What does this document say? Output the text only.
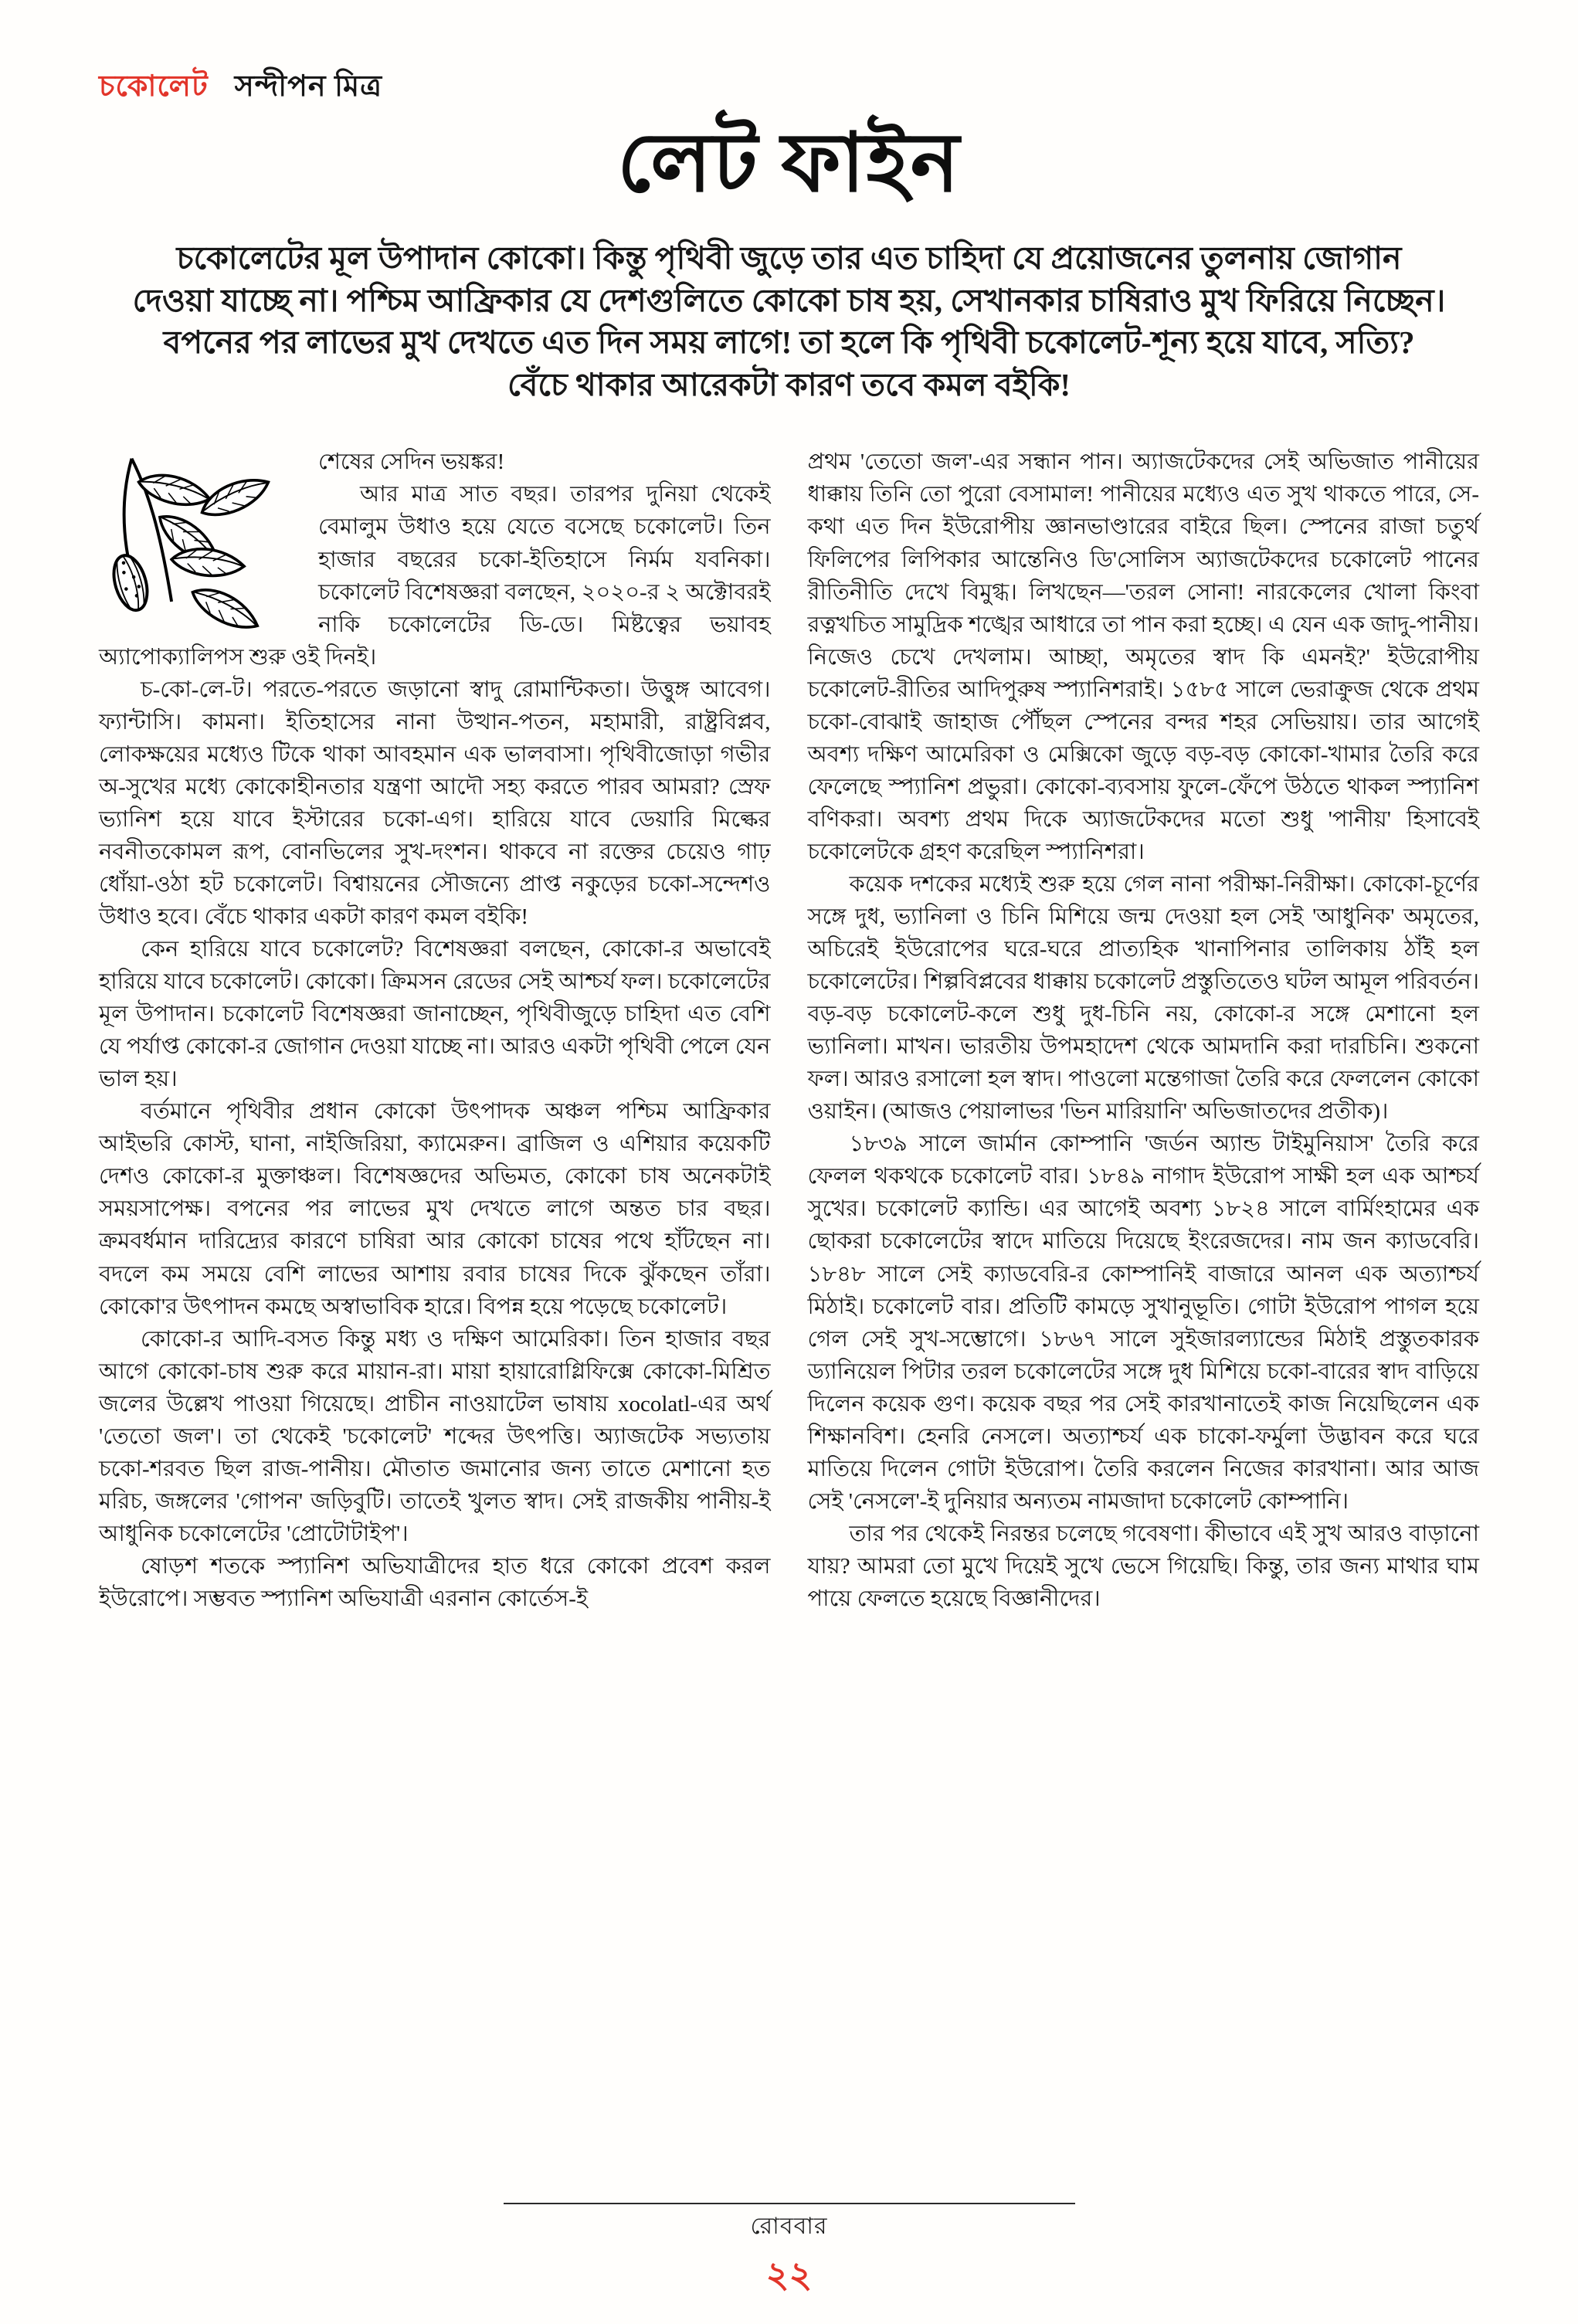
চকোলেট সন্দীপন মিত্র
লেট ফাইন

চকোলেটের মূল উপাদান কোকো। কিন্তু পৃথিবী জুড়ে তার এত চাহিদা যে প্রয়োজনের তুলনায় জোগান দেওয়া যাচ্ছে না। পশ্চিম আফ্রিকার যে দেশগুলিতে কোকো চাষ হয়, সেখানকার চাষিরাও মুখ ফিরিয়ে নিচ্ছেন। বপনের পর লাভের মুখ দেখতে এত দিন সময় লাগে! তা হলে কি পৃথিবী চকোলেট-শূন্য হয়ে যাবে, সত্যি? বেঁচে থাকার আরেকটা কারণ তবে কমল বইকি!

শেষের সেদিন ভয়ঙ্কর!

আর মাত্র সাত বছর। তারপর দুনিয়া থেকেই বেমালুম উধাও হয়ে যেতে বসেছে চকোলেট। তিন হাজার বছরের চকো-ইতিহাসে নির্মম যবনিকা। চকোলেট বিশেষজ্ঞরা বলছেন, ২০২০-র ২ অক্টোবরই নাকি চকোলেটের ডি-ডে। মিষ্টত্বের ভয়াবহ অ্যাপোক্যালিপস শুরু ওই দিনই।

চ-কো-লে-ট। পরতে-পরতে জড়ানো স্বাদু রোমান্টিকতা। উত্তুঙ্গ আবেগ। ফ্যান্টাসি। কামনা। ইতিহাসের নানা উত্থান-পতন, মহামারী, রাষ্ট্রবিপ্লব, লোকক্ষয়ের মধ্যেও টিকে থাকা আবহমান এক ভালবাসা। পৃথিবীজোড়া গভীর অ-সুখের মধ্যে কোকোহীনতার যন্ত্রণা আদৌ সহ্য করতে পারব আমরা? স্রেফ ভ্যানিশ হয়ে যাবে ইস্টারের চকো-এগ। হারিয়ে যাবে ডেয়ারি মিল্কের নবনীতকোমল রূপ, বোনভিলের সুখ-দংশন। থাকবে না রক্তের চেয়েও গাঢ় ধোঁয়া-ওঠা হট চকোলেট। বিশ্বায়নের সৌজন্যে প্রাপ্ত নকুড়ের চকো-সন্দেশও উধাও হবে। বেঁচে থাকার একটা কারণ কমল বইকি!

কেন হারিয়ে যাবে চকোলেট? বিশেষজ্ঞরা বলছেন, কোকো-র অভাবেই হারিয়ে যাবে চকোলেট। কোকো। ক্রিমসন রেডের সেই আশ্চর্য ফল। চকোলেটের মূল উপাদান। চকোলেট বিশেষজ্ঞরা জানাচ্ছেন, পৃথিবীজুড়ে চাহিদা এত বেশি যে পর্যাপ্ত কোকো-র জোগান দেওয়া যাচ্ছে না। আরও একটা পৃথিবী পেলে যেন ভাল হয়।

বর্তমানে পৃথিবীর প্রধান কোকো উৎপাদক অঞ্চল পশ্চিম আফ্রিকার আইভরি কোস্ট, ঘানা, নাইজিরিয়া, ক্যামেরুন। ব্রাজিল ও এশিয়ার কয়েকটি দেশও কোকো-র মুক্তাঞ্চল। বিশেষজ্ঞদের অভিমত, কোকো চাষ অনেকটাই সময়সাপেক্ষ। বপনের পর লাভের মুখ দেখতে লাগে অন্তত চার বছর। ক্রমবর্ধমান দারিদ্র্যের কারণে চাষিরা আর কোকো চাষের পথে হাঁটছেন না। বদলে কম সময়ে বেশি লাভের আশায় রবার চাষের দিকে ঝুঁকছেন তাঁরা। কোকো'র উৎপাদন কমছে অস্বাভাবিক হারে। বিপন্ন হয়ে পড়েছে চকোলেট।

কোকো-র আদি-বসত কিন্তু মধ্য ও দক্ষিণ আমেরিকা। তিন হাজার বছর আগে কোকো-চাষ শুরু করে মায়ান-রা। মায়া হায়ারোগ্লিফিক্সে কোকো-মিশ্রিত জলের উল্লেখ পাওয়া গিয়েছে। প্রাচীন নাওয়াটেল ভাষায় xocolatl-এর অর্থ 'তেতো জল'। তা থেকেই 'চকোলেট' শব্দের উৎপত্তি। অ্যাজটেক সভ্যতায় চকো-শরবত ছিল রাজ-পানীয়। মৌতাত জমানোর জন্য তাতে মেশানো হত মরিচ, জঙ্গলের 'গোপন' জড়িবুটি। তাতেই খুলত স্বাদ। সেই রাজকীয় পানীয়-ই আধুনিক চকোলেটের 'প্রোটোটাইপ'।

ষোড়শ শতকে স্প্যানিশ অভিযাত্রীদের হাত ধরে কোকো প্রবেশ করল ইউরোপে। সম্ভবত স্প্যানিশ অভিযাত্রী এরনান কোর্তেস-ই

প্রথম 'তেতো জল'-এর সন্ধান পান। অ্যাজটেকদের সেই অভিজাত পানীয়ের ধাক্কায় তিনি তো পুরো বেসামাল! পানীয়ের মধ্যেও এত সুখ থাকতে পারে, সে-কথা এত দিন ইউরোপীয় জ্ঞানভাণ্ডারের বাইরে ছিল। স্পেনের রাজা চতুর্থ ফিলিপের লিপিকার আন্তেনিও ডি'সোলিস অ্যাজটেকদের চকোলেট পানের রীতিনীতি দেখে বিমুগ্ধ। লিখছেন—'তরল সোনা! নারকেলের খোলা কিংবা রত্নখচিত সামুদ্রিক শঙ্খের আধারে তা পান করা হচ্ছে। এ যেন এক জাদু-পানীয়। নিজেও চেখে দেখলাম। আচ্ছা, অমৃতের স্বাদ কি এমনই?' ইউরোপীয় চকোলেট-রীতির আদিপুরুষ স্প্যানিশরাই। ১৫৮৫ সালে ভেরাক্রুজ থেকে প্রথম চকো-বোঝাই জাহাজ পৌঁছল স্পেনের বন্দর শহর সেভিয়ায়। তার আগেই অবশ্য দক্ষিণ আমেরিকা ও মেক্সিকো জুড়ে বড়-বড় কোকো-খামার তৈরি করে ফেলেছে স্প্যানিশ প্রভুরা। কোকো-ব্যবসায় ফুলে-ফেঁপে উঠতে থাকল স্প্যানিশ বণিকরা। অবশ্য প্রথম দিকে অ্যাজটেকদের মতো শুধু 'পানীয়' হিসাবেই চকোলেটকে গ্রহণ করেছিল স্প্যানিশরা।

কয়েক দশকের মধ্যেই শুরু হয়ে গেল নানা পরীক্ষা-নিরীক্ষা। কোকো-চূর্ণের সঙ্গে দুধ, ভ্যানিলা ও চিনি মিশিয়ে জন্ম দেওয়া হল সেই 'আধুনিক' অমৃতের, অচিরেই ইউরোপের ঘরে-ঘরে প্রাত্যহিক খানাপিনার তালিকায় ঠাঁই হল চকোলেটের। শিল্পবিপ্লবের ধাক্কায় চকোলেট প্রস্তুতিতেও ঘটল আমূল পরিবর্তন। বড়-বড় চকোলেট-কলে শুধু দুধ-চিনি নয়, কোকো-র সঙ্গে মেশানো হল ভ্যানিলা। মাখন। ভারতীয় উপমহাদেশ থেকে আমদানি করা দারচিনি। শুকনো ফল। আরও রসালো হল স্বাদ। পাওলো মন্তেগাজা তৈরি করে ফেললেন কোকো ওয়াইন। (আজও পেয়ালাভর 'ভিন মারিয়ানি' অভিজাতদের প্রতীক)।

১৮৩৯ সালে জার্মান কোম্পানি 'জর্ডন অ্যান্ড টাইমুনিয়াস' তৈরি করে ফেলল থকথকে চকোলেট বার। ১৮৪৯ নাগাদ ইউরোপ সাক্ষী হল এক আশ্চর্য সুখের। চকোলেট ক্যান্ডি। এর আগেই অবশ্য ১৮২৪ সালে বার্মিংহামের এক ছোকরা চকোলেটের স্বাদে মাতিয়ে দিয়েছে ইংরেজদের। নাম জন ক্যাডবেরি। ১৮৪৮ সালে সেই ক্যাডবেরি-র কোম্পানিই বাজারে আনল এক অত্যাশ্চর্য মিঠাই। চকোলেট বার। প্রতিটি কামড়ে সুখানুভূতি। গোটা ইউরোপ পাগল হয়ে গেল সেই সুখ-সম্ভোগে। ১৮৬৭ সালে সুইজারল্যান্ডের মিঠাই প্রস্তুতকারক ড্যানিয়েল পিটার তরল চকোলেটের সঙ্গে দুধ মিশিয়ে চকো-বারের স্বাদ বাড়িয়ে দিলেন কয়েক গুণ। কয়েক বছর পর সেই কারখানাতেই কাজ নিয়েছিলেন এক শিক্ষানবিশ। হেনরি নেসলে। অত্যাশ্চর্য এক চাকো-ফর্মুলা উদ্ভাবন করে ঘরে মাতিয়ে দিলেন গোটা ইউরোপ। তৈরি করলেন নিজের কারখানা। আর আজ সেই 'নেসলে'-ই দুনিয়ার অন্যতম নামজাদা চকোলেট কোম্পানি।

তার পর থেকেই নিরন্তর চলেছে গবেষণা। কীভাবে এই সুখ আরও বাড়ানো যায়? আমরা তো মুখে দিয়েই সুখে ভেসে গিয়েছি। কিন্তু, তার জন্য মাথার ঘাম পায়ে ফেলতে হয়েছে বিজ্ঞানীদের।

রোববার
২২
